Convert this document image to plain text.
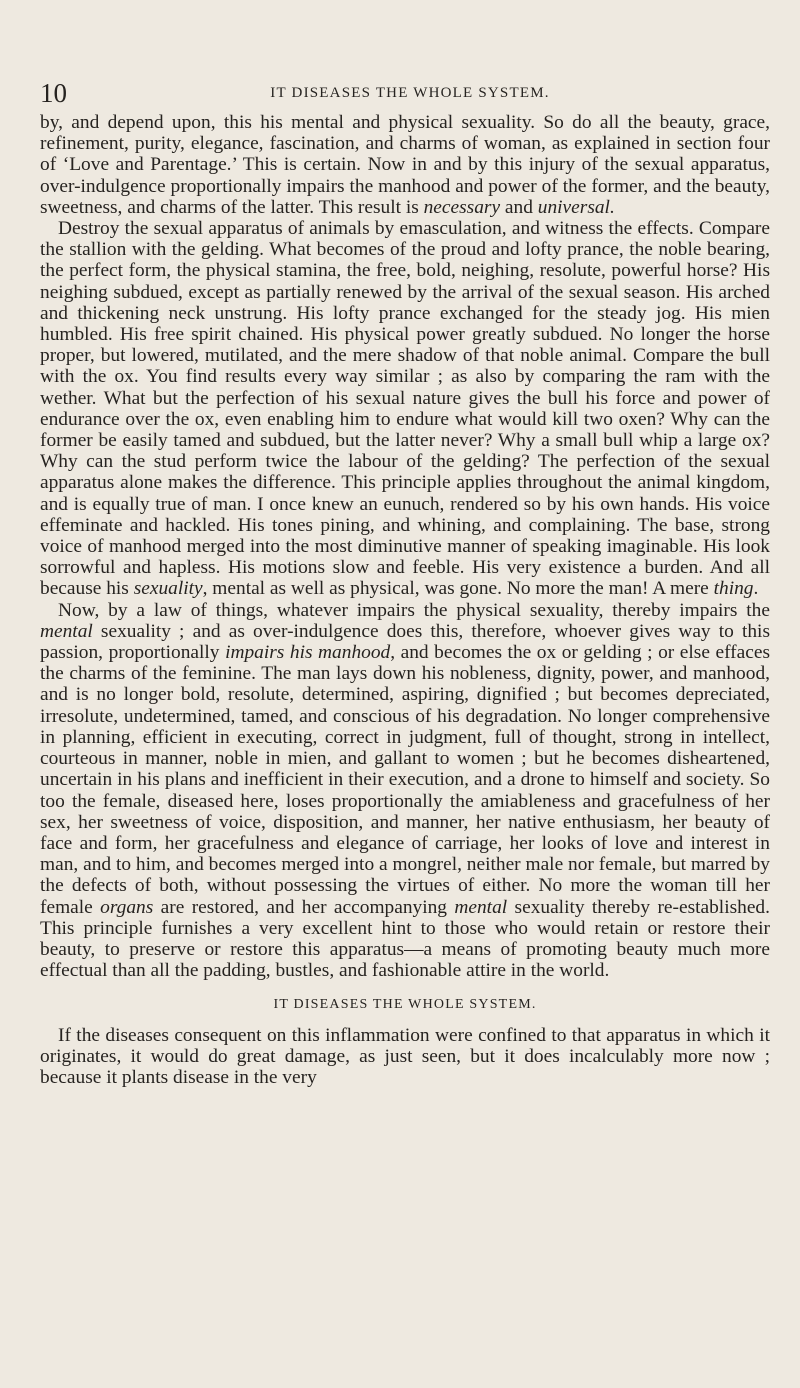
10	IT DISEASES THE WHOLE SYSTEM.

by, and depend upon, this his mental and physical sexuality. So do all the beauty, grace, refinement, purity, elegance, fascination, and charms of woman, as explained in section four of ‘Love and Parentage.’ This is certain. Now in and by this injury of the sexual apparatus, over-indulgence proportionally impairs the manhood and power of the former, and the beauty, sweetness, and charms of the latter. This result is necessary and universal.

Destroy the sexual apparatus of animals by emasculation, and witness the effects. Compare the stallion with the gelding. What becomes of the proud and lofty prance, the noble bearing, the perfect form, the physical stamina, the free, bold, neighing, resolute, powerful horse? His neighing subdued, except as partially renewed by the arrival of the sexual season. His arched and thickening neck unstrung. His lofty prance exchanged for the steady jog. His mien humbled. His free spirit chained. His physical power greatly subdued. No longer the horse proper, but lowered, mutilated, and the mere shadow of that noble animal. Compare the bull with the ox. You find results every way similar ; as also by comparing the ram with the wether. What but the perfection of his sexual nature gives the bull his force and power of endurance over the ox, even enabling him to endure what would kill two oxen? Why can the former be easily tamed and subdued, but the latter never? Why a small bull whip a large ox? Why can the stud perform twice the labour of the gelding? The perfection of the sexual apparatus alone makes the difference. This principle applies throughout the animal kingdom, and is equally true of man. I once knew an eunuch, rendered so by his own hands. His voice effeminate and hackled. His tones pining, and whining, and complaining. The base, strong voice of manhood merged into the most diminutive manner of speaking imaginable. His look sorrowful and hapless. His motions slow and feeble. His very existence a burden. And all because his sexuality, mental as well as physical, was gone. No more the man! A mere thing.

Now, by a law of things, whatever impairs the physical sexuality, thereby impairs the mental sexuality ; and as over-indulgence does this, therefore, whoever gives way to this passion, proportionally impairs his manhood, and becomes the ox or gelding ; or else effaces the charms of the feminine. The man lays down his nobleness, dignity, power, and manhood, and is no longer bold, resolute, determined, aspiring, dignified ; but becomes depreciated, irresolute, undetermined, tamed, and conscious of his degradation. No longer comprehensive in planning, efficient in executing, correct in judgment, full of thought, strong in intellect, courteous in manner, noble in mien, and gallant to women ; but he becomes disheartened, uncertain in his plans and inefficient in their execution, and a drone to himself and society. So too the female, diseased here, loses proportionally the amiableness and gracefulness of her sex, her sweetness of voice, disposition, and manner, her native enthusiasm, her beauty of face and form, her gracefulness and elegance of carriage, her looks of love and interest in man, and to him, and becomes merged into a mongrel, neither male nor female, but marred by the defects of both, without possessing the virtues of either. No more the woman till her female organs are restored, and her accompanying mental sexuality thereby re-established. This principle furnishes a very excellent hint to those who would retain or restore their beauty, to preserve or restore this apparatus—a means of promoting beauty much more effectual than all the padding, bustles, and fashionable attire in the world.

IT DISEASES THE WHOLE SYSTEM.

If the diseases consequent on this inflammation were confined to that apparatus in which it originates, it would do great damage, as just seen, but it does incalculably more now ; because it plants disease in the very
